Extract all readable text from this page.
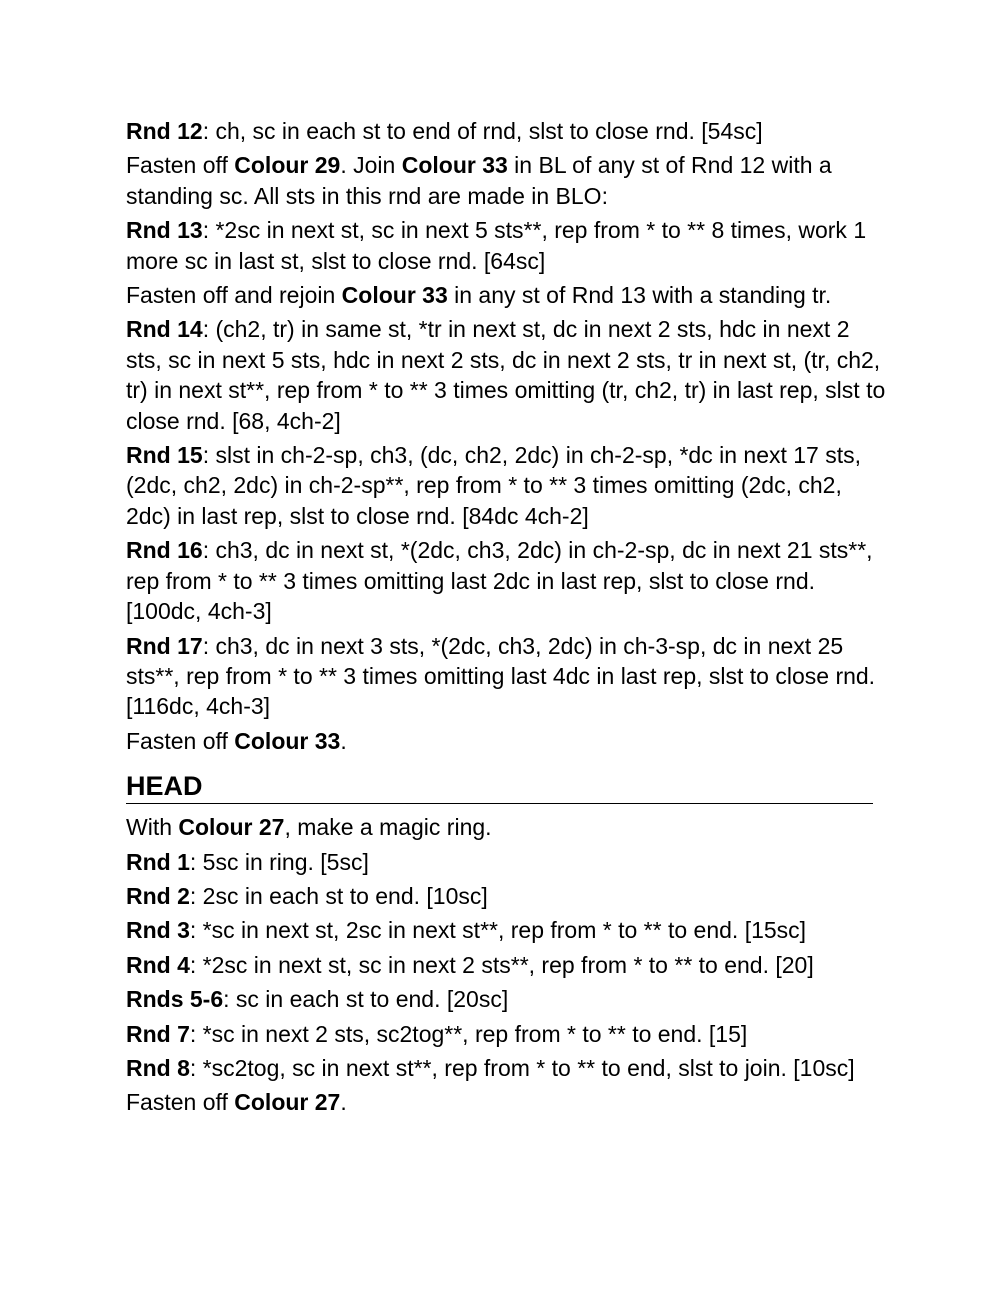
Rnd 12: ch, sc in each st to end of rnd, slst to close rnd. [54sc]
Fasten off Colour 29. Join Colour 33 in BL of any st of Rnd 12 with a standing sc. All sts in this rnd are made in BLO:
Rnd 13: *2sc in next st, sc in next 5 sts**, rep from * to ** 8 times, work 1 more sc in last st, slst to close rnd. [64sc]
Fasten off and rejoin Colour 33 in any st of Rnd 13 with a standing tr.
Rnd 14: (ch2, tr) in same st, *tr in next st, dc in next 2 sts, hdc in next 2 sts, sc in next 5 sts, hdc in next 2 sts, dc in next 2 sts, tr in next st, (tr, ch2, tr) in next st**, rep from * to ** 3 times omitting (tr, ch2, tr) in last rep, slst to close rnd. [68, 4ch-2]
Rnd 15: slst in ch-2-sp, ch3, (dc, ch2, 2dc) in ch-2-sp, *dc in next 17 sts, (2dc, ch2, 2dc) in ch-2-sp**, rep from * to ** 3 times omitting (2dc, ch2, 2dc) in last rep, slst to close rnd. [84dc 4ch-2]
Rnd 16: ch3, dc in next st, *(2dc, ch3, 2dc) in ch-2-sp, dc in next 21 sts**, rep from * to ** 3 times omitting last 2dc in last rep, slst to close rnd. [100dc, 4ch-3]
Rnd 17: ch3, dc in next 3 sts, *(2dc, ch3, 2dc) in ch-3-sp, dc in next 25 sts**, rep from * to ** 3 times omitting last 4dc in last rep, slst to close rnd. [116dc, 4ch-3]
Fasten off Colour 33.
HEAD
With Colour 27, make a magic ring.
Rnd 1: 5sc in ring. [5sc]
Rnd 2: 2sc in each st to end. [10sc]
Rnd 3: *sc in next st, 2sc in next st**, rep from * to ** to end. [15sc]
Rnd 4: *2sc in next st, sc in next 2 sts**, rep from * to ** to end. [20]
Rnds 5-6: sc in each st to end. [20sc]
Rnd 7: *sc in next 2 sts, sc2tog**, rep from * to ** to end. [15]
Rnd 8: *sc2tog, sc in next st**, rep from * to ** to end, slst to join. [10sc]
Fasten off Colour 27.
